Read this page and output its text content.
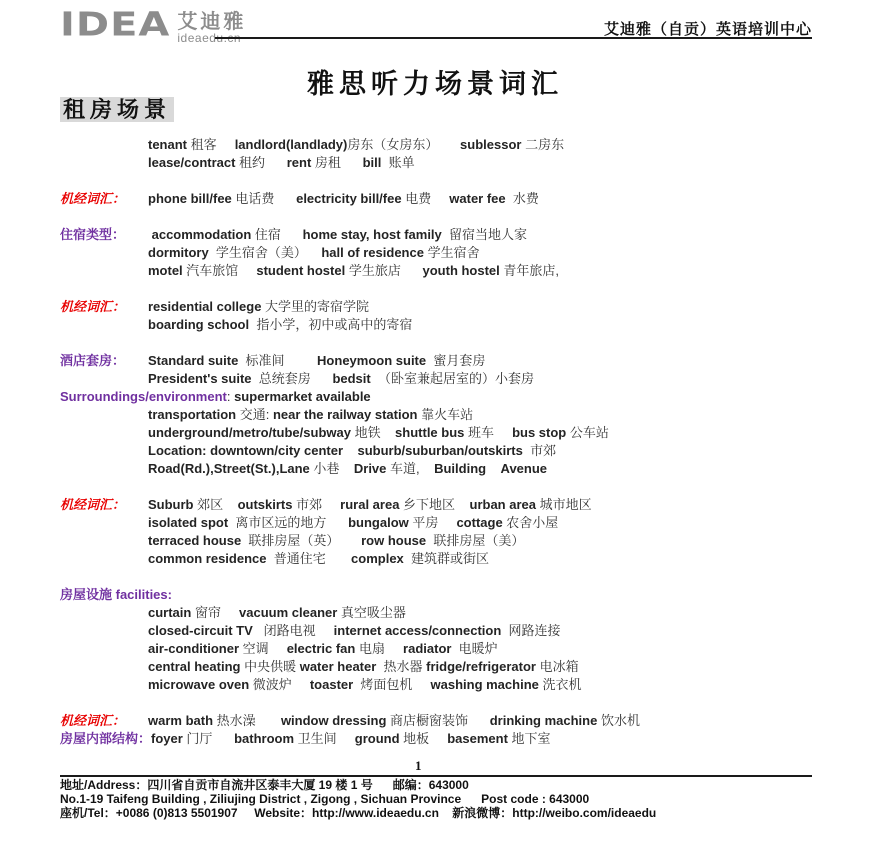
IDEA 艾迪雅
ideaedu.cn	艾迪雅（自贡）英语培训中心
雅思听力场景词汇
租房场景
tenant 租客 landlord(landlady)房东（女房东） sublessor 二房东
lease/contract 租约 rent 房租 bill  账单
机经词汇： phone bill/fee 电话费 electricity bill/fee 电费 water fee  水费
住宿类型： accommodation 住宿 home stay, host family  留宿当地人家
dormitory  学生宿舍（美） hall of residence 学生宿舍
motel 汽车旅馆 student hostel 学生旅店 youth hostel 青年旅店,
机经词汇： residential college 大学里的寄宿学院
boarding school  指小学，初中或高中的寄宿
酒店套房： Standard suite  标准间	Honeymoon suite  蜜月套房
President's suite  总统套房 bedsit  （卧室兼起居室的）小套房
Surroundings/environment: supermarket available
transportation 交通: near the railway station 靠火车站
underground/metro/tube/subway 地铁 shuttle bus 班车 bus stop 公车站
Location: downtown/city center suburb/suburban/outskirts  市郊
Road(Rd.),Street(St.),Lane 小巷 Drive 车道, Building Avenue
机经词汇： Suburb 郊区 outskirts 市郊 rural area 乡下地区 urban area 城市地区
isolated spot  离市区远的地方 bungalow 平房 cottage 农舍小屋
terraced house  联排房屋（英） row house  联排房屋（美）
common residence  普通住宅 complex  建筑群或街区
房屋设施 facilities:
curtain 窗帘 vacuum cleaner 真空吸尘器
closed-circuit TV   闭路电视 internet access/connection  网路连接
air-conditioner 空调 electric fan 电扇 radiator  电暖炉
central heating 中央供暖 water heater  热水器 fridge/refrigerator 电冰箱
microwave oven 微波炉 toaster  烤面包机 washing machine 洗衣机
机经词汇： warm bath 热水澡 window dressing 商店橱窗装饰 drinking machine 饮水机
房屋内部结构：foyer 门厅 bathroom 卫生间 ground 地板 basement 地下室
1
地址/Address：四川省自贡市自流井区泰丰大厦 19 楼 1 号      邮编：643000
No.1-19 Taifeng Building , Ziliujing District , Zigong , Sichuan Province      Post code : 643000
座机/Tel：+0086 (0)813 5501907     Website：http://www.ideaedu.cn    新浪微博：http://weibo.com/ideaedu
